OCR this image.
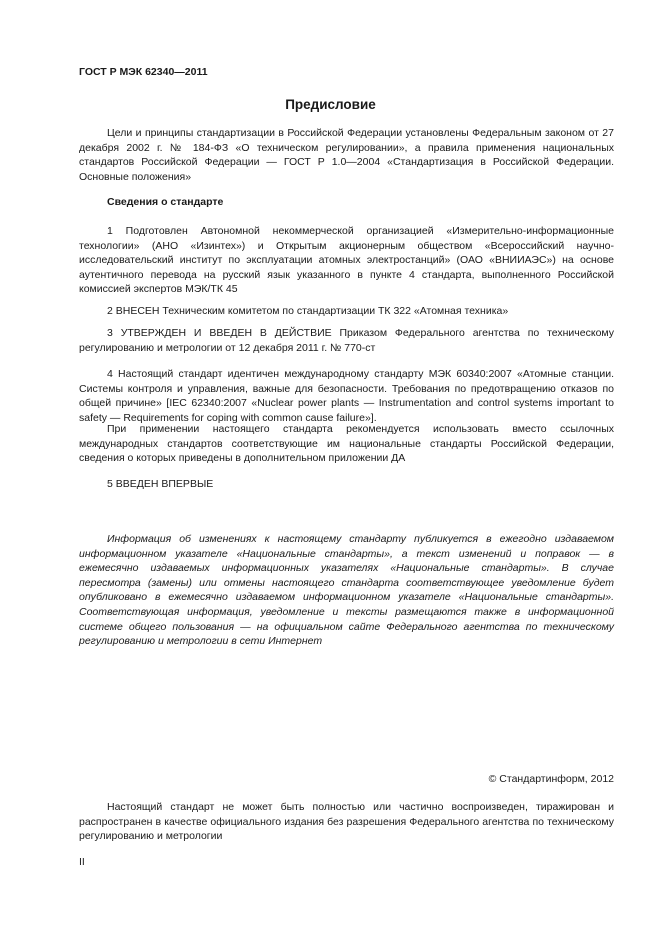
ГОСТ Р МЭК 62340—2011
Предисловие
Цели и принципы стандартизации в Российской Федерации установлены Федеральным законом от 27 декабря 2002 г. № 184-ФЗ «О техническом регулировании», а правила применения национальных стандартов Российской Федерации — ГОСТ Р 1.0—2004 «Стандартизация в Российской Федерации. Основные положения»
Сведения о стандарте
1 Подготовлен Автономной некоммерческой организацией «Измерительно-информационные технологии» (АНО «Изинтех») и Открытым акционерным обществом «Всероссийский научно-исследовательский институт по эксплуатации атомных электростанций» (ОАО «ВНИИАЭС») на основе аутентичного перевода на русский язык указанного в пункте 4 стандарта, выполненного Российской комиссией экспертов МЭК/ТК 45
2 ВНЕСЕН Техническим комитетом по стандартизации ТК 322 «Атомная техника»
3 УТВЕРЖДЕН И ВВЕДЕН В ДЕЙСТВИЕ Приказом Федерального агентства по техническому регулированию и метрологии от 12 декабря 2011 г. № 770-ст
4 Настоящий стандарт идентичен международному стандарту МЭК 60340:2007 «Атомные станции. Системы контроля и управления, важные для безопасности. Требования по предотвращению отказов по общей причине» [IEC 62340:2007 «Nuclear power plants — Instrumentation and control systems important to safety — Requirements for coping with common cause failure»].
При применении настоящего стандарта рекомендуется использовать вместо ссылочных международных стандартов соответствующие им национальные стандарты Российской Федерации, сведения о которых приведены в дополнительном приложении ДА
5 ВВЕДЕН ВПЕРВЫЕ
Информация об изменениях к настоящему стандарту публикуется в ежегодно издаваемом информационном указателе «Национальные стандарты», а текст изменений и поправок — в ежемесячно издаваемых информационных указателях «Национальные стандарты». В случае пересмотра (замены) или отмены настоящего стандарта соответствующее уведомление будет опубликовано в ежемесячно издаваемом информационном указателе «Национальные стандарты». Соответствующая информация, уведомление и тексты размещаются также в информационной системе общего пользования — на официальном сайте Федерального агентства по техническому регулированию и метрологии в сети Интернет
© Стандартинформ, 2012
Настоящий стандарт не может быть полностью или частично воспроизведен, тиражирован и распространен в качестве официального издания без разрешения Федерального агентства по техническому регулированию и метрологии
II
